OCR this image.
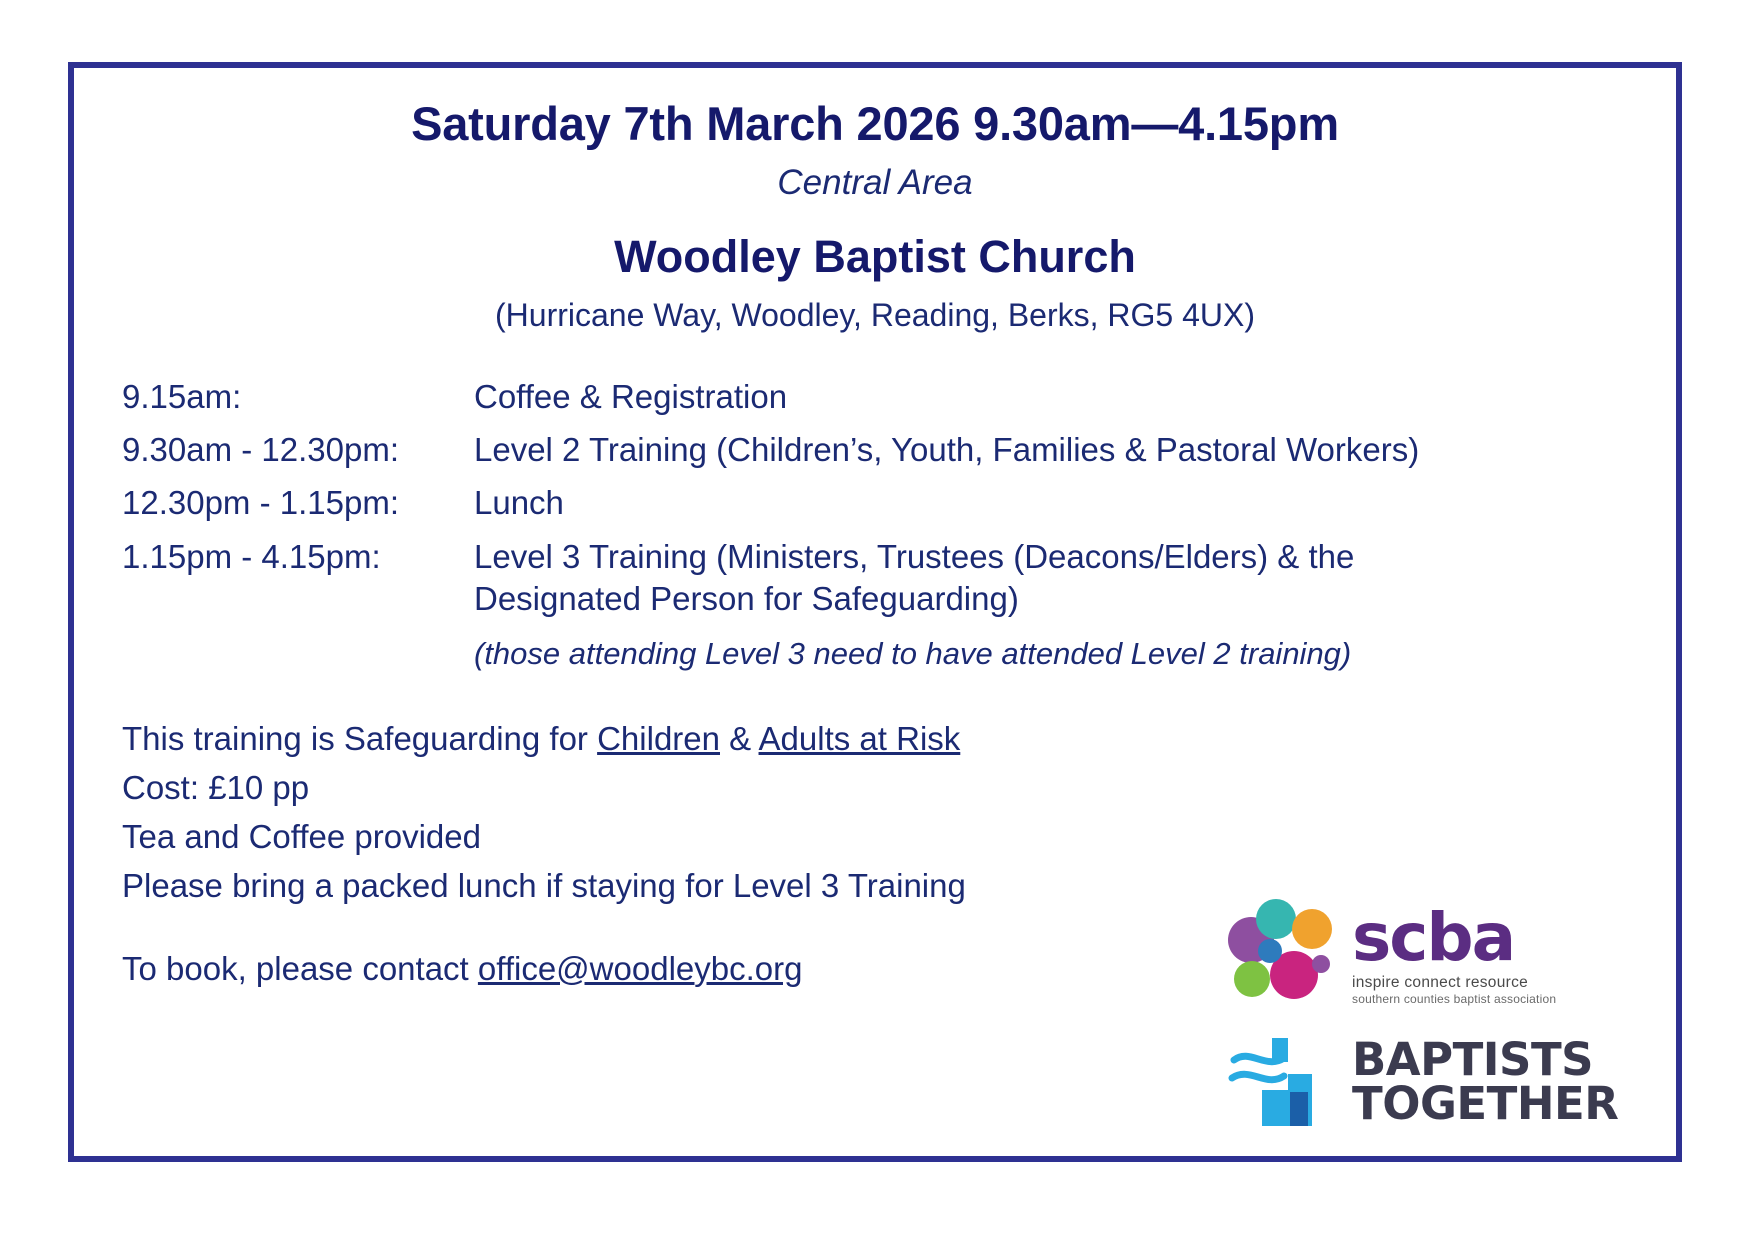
Saturday 7th March 2026 9.30am—4.15pm
Central Area
Woodley Baptist Church
(Hurricane Way, Woodley, Reading, Berks, RG5 4UX)
9.15am:	Coffee & Registration
9.30am - 12.30pm:	Level 2 Training (Children’s, Youth, Families & Pastoral Workers)
12.30pm - 1.15pm:	Lunch
1.15pm - 4.15pm:	Level 3 Training (Ministers, Trustees (Deacons/Elders) & the Designated Person for Safeguarding)
(those attending Level 3 need to have attended Level 2 training)
This training is Safeguarding for Children & Adults at Risk
Cost: £10 pp
Tea and Coffee provided
Please bring a packed lunch if staying for Level 3 Training
To book, please contact office@woodleybc.org	scba
inspire connect resource
southern counties baptist association
BAPTISTS
TOGETHER
